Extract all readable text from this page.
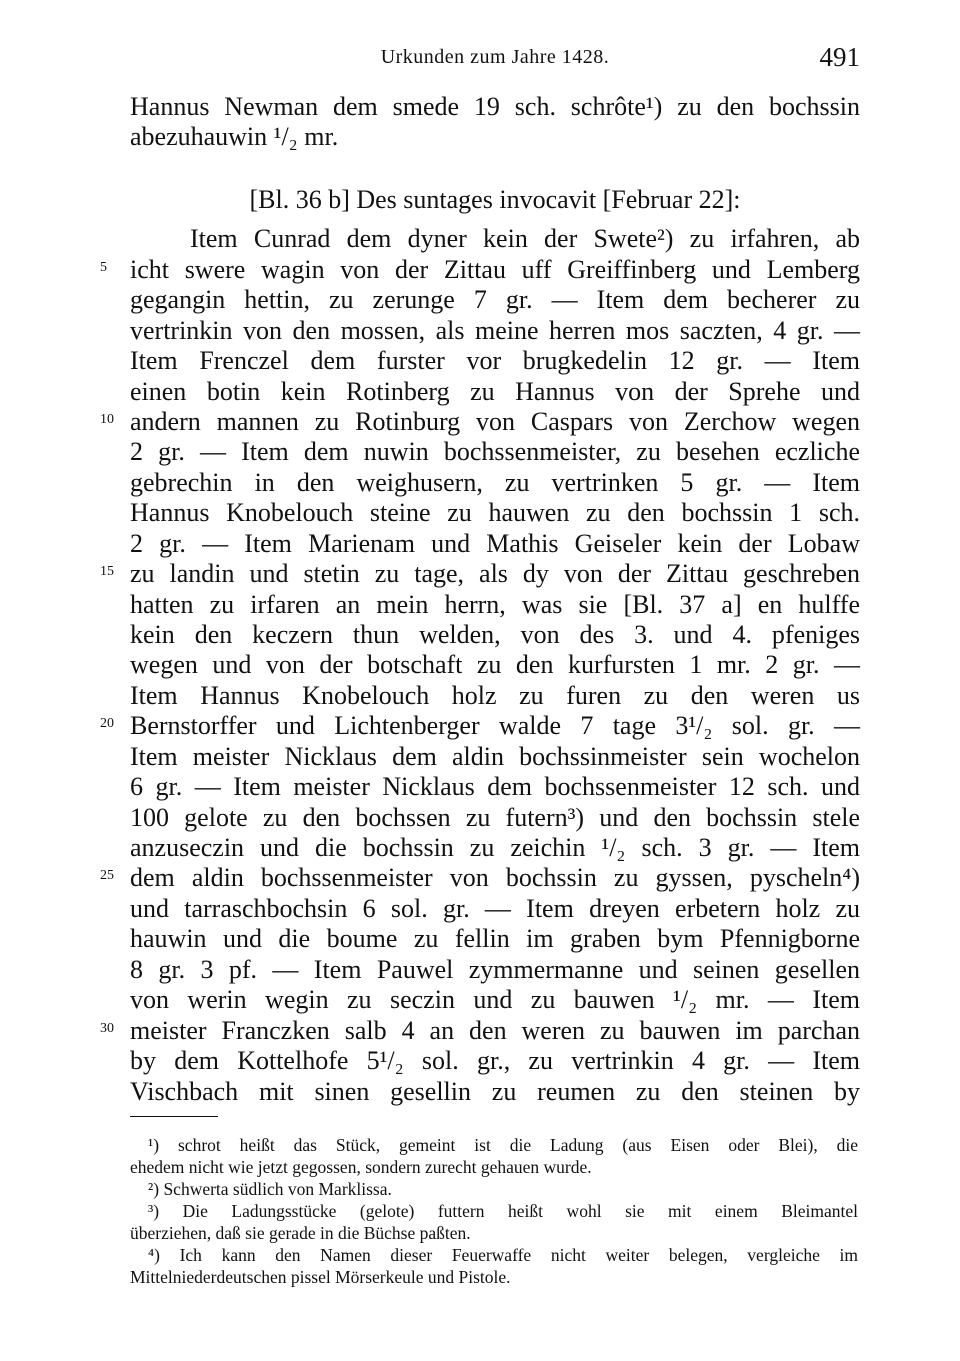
Urkunden zum Jahre 1428.	491
Hannus Newman dem smede 19 sch. schrôte¹) zu den bochssin
abezuhauwin ¹/₂ mr.
[Bl. 36 b] Des suntages invocavit [Februar 22]:
Item Cunrad dem dyner kein der Swete²) zu irfahren, ab
icht swere wagin von der Zittau uff Greiffinberg und Lemberg
gegangin hettin, zu zerunge 7 gr. — Item dem becherer zu
vertrinkin von den mossen, als meine herren mos saczten, 4 gr. —
Item Frenczel dem furster vor brugkedelin 12 gr. — Item
einen botin kein Rotinberg zu Hannus von der Sprehe und
andern mannen zu Rotinburg von Caspars von Zerchow wegen
2 gr. — Item dem nuwin bochssenmeister, zu besehen eczliche
gebrechin in den weighusern, zu vertrinken 5 gr. — Item
Hannus Knobelouch steine zu hauwen zu den bochssin 1 sch.
2 gr. — Item Marienam und Mathis Geiseler kein der Lobaw
zu landin und stetin zu tage, als dy von der Zittau geschreben
hatten zu irfaren an mein herrn, was sie [Bl. 37 a] en hulffe
kein den keczern thun welden, von des 3. und 4. pfeniges
wegen und von der botschaft zu den kurfursten 1 mr. 2 gr. —
Item Hannus Knobelouch holz zu furen zu den weren us
Bernstorffer und Lichtenberger walde 7 tage 3¹/₂ sol. gr. —
Item meister Nicklaus dem aldin bochssinmeister sein wochelon
6 gr. — Item meister Nicklaus dem bochssenmeister 12 sch. und
100 gelote zu den bochssen zu futern³) und den bochssin stele
anzuseczin und die bochssin zu zeichin ¹/₂ sch. 3 gr. — Item
dem aldin bochssenmeister von bochssin zu gyssen, pyscheln⁴)
und tarraschbochsin 6 sol. gr. — Item dreyen erbetern holz zu
hauwin und die boume zu fellin im graben bym Pfennigborne
8 gr. 3 pf. — Item Pauwel zymmermanne und seinen gesellen
von werin wegin zu seczin und zu bauwen ¹/₂ mr. — Item
meister Franczken salb 4 an den weren zu bauwen im parchan
by dem Kottelhofe 5¹/₂ sol. gr., zu vertrinkin 4 gr. — Item
Vischbach mit sinen gesellin zu reumen zu den steinen by
5
10
15
20
25
30
¹) schrot heißt das Stück, gemeint ist die Ladung (aus Eisen oder Blei), die
ehedem nicht wie jetzt gegossen, sondern zurecht gehauen wurde.
²) Schwerta südlich von Marklissa.
³) Die Ladungsstücke (gelote) futtern heißt wohl sie mit einem Bleimantel
überziehen, daß sie gerade in die Büchse paßten.
⁴) Ich kann den Namen dieser Feuerwaffe nicht weiter belegen, vergleiche im
Mittelniederdeutschen pissel Mörserkeule und Pistole.
